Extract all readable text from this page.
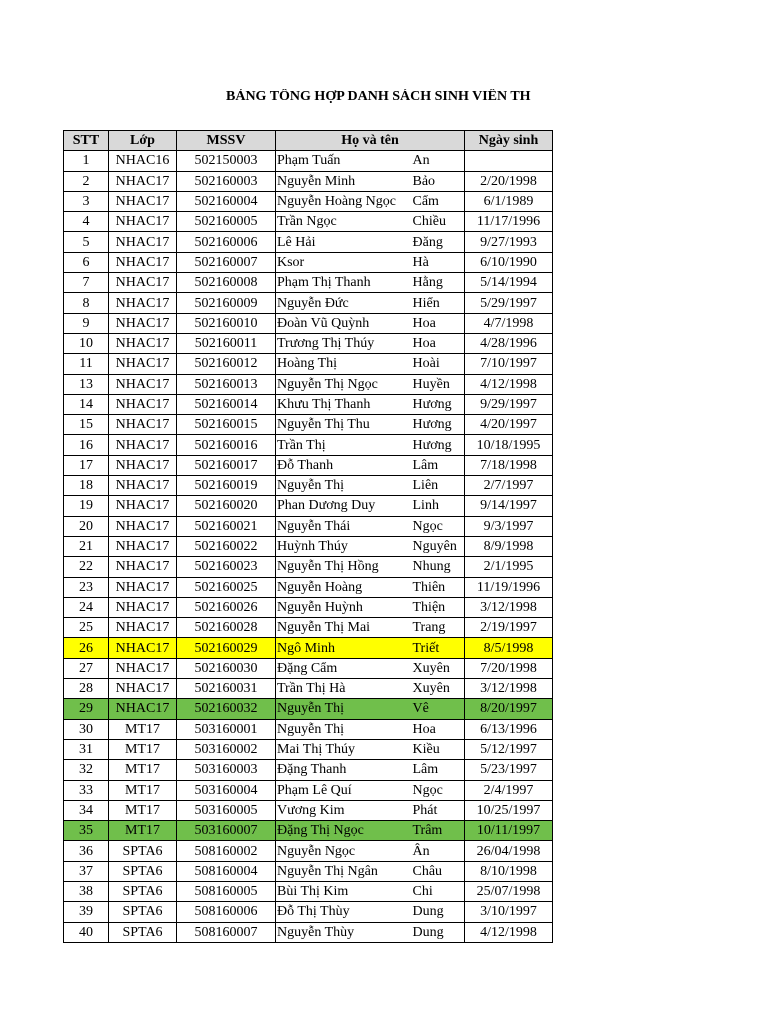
BẢNG TỔNG HỢP DANH SÁCH SINH VIÊN TH
STT	Lớp	MSSV	Họ và tên		Ngày sinh
1	NHAC16	502150003	Phạm Tuấn	An	
2	NHAC17	502160003	Nguyễn Minh	Bảo	2/20/1998
3	NHAC17	502160004	Nguyễn Hoàng Ngọc	Cẩm	6/1/1989
4	NHAC17	502160005	Trần Ngọc	Chiều	11/17/1996
5	NHAC17	502160006	Lê Hải	Đăng	9/27/1993
6	NHAC17	502160007	Ksor	Hà	6/10/1990
7	NHAC17	502160008	Phạm Thị Thanh	Hằng	5/14/1994
8	NHAC17	502160009	Nguyễn Đức	Hiển	5/29/1997
9	NHAC17	502160010	Đoàn Vũ Quỳnh	Hoa	4/7/1998
10	NHAC17	502160011	Trương Thị Thúy	Hoa	4/28/1996
11	NHAC17	502160012	Hoàng Thị	Hoài	7/10/1997
13	NHAC17	502160013	Nguyễn Thị Ngọc	Huyền	4/12/1998
14	NHAC17	502160014	Khưu Thị Thanh	Hương	9/29/1997
15	NHAC17	502160015	Nguyễn Thị Thu	Hương	4/20/1997
16	NHAC17	502160016	Trần Thị	Hương	10/18/1995
17	NHAC17	502160017	Đỗ Thanh	Lâm	7/18/1998
18	NHAC17	502160019	Nguyễn Thị	Liên	2/7/1997
19	NHAC17	502160020	Phan Dương Duy	Linh	9/14/1997
20	NHAC17	502160021	Nguyễn Thái	Ngọc	9/3/1997
21	NHAC17	502160022	Huỳnh Thúy	Nguyên	8/9/1998
22	NHAC17	502160023	Nguyễn Thị Hồng	Nhung	2/1/1995
23	NHAC17	502160025	Nguyễn Hoàng	Thiên	11/19/1996
24	NHAC17	502160026	Nguyễn Huỳnh	Thiện	3/12/1998
25	NHAC17	502160028	Nguyễn Thị Mai	Trang	2/19/1997
26	NHAC17	502160029	Ngô Minh	Triết	8/5/1998
27	NHAC17	502160030	Đặng Cẩm	Xuyên	7/20/1998
28	NHAC17	502160031	Trần Thị Hà	Xuyên	3/12/1998
29	NHAC17	502160032	Nguyễn Thị	Vê	8/20/1997
30	MT17	503160001	Nguyễn Thị	Hoa	6/13/1996
31	MT17	503160002	Mai Thị Thúy	Kiều	5/12/1997
32	MT17	503160003	Đặng Thanh	Lâm	5/23/1997
33	MT17	503160004	Phạm Lê Quí	Ngọc	2/4/1997
34	MT17	503160005	Vương Kim	Phát	10/25/1997
35	MT17	503160007	Đặng Thị Ngọc	Trâm	10/11/1997
36	SPTA6	508160002	Nguyễn Ngọc	Ân	26/04/1998
37	SPTA6	508160004	Nguyễn Thị Ngân	Châu	8/10/1998
38	SPTA6	508160005	Bùi Thị Kim	Chi	25/07/1998
39	SPTA6	508160006	Đỗ Thị Thùy	Dung	3/10/1997
40	SPTA6	508160007	Nguyễn Thùy	Dung	4/12/1998
